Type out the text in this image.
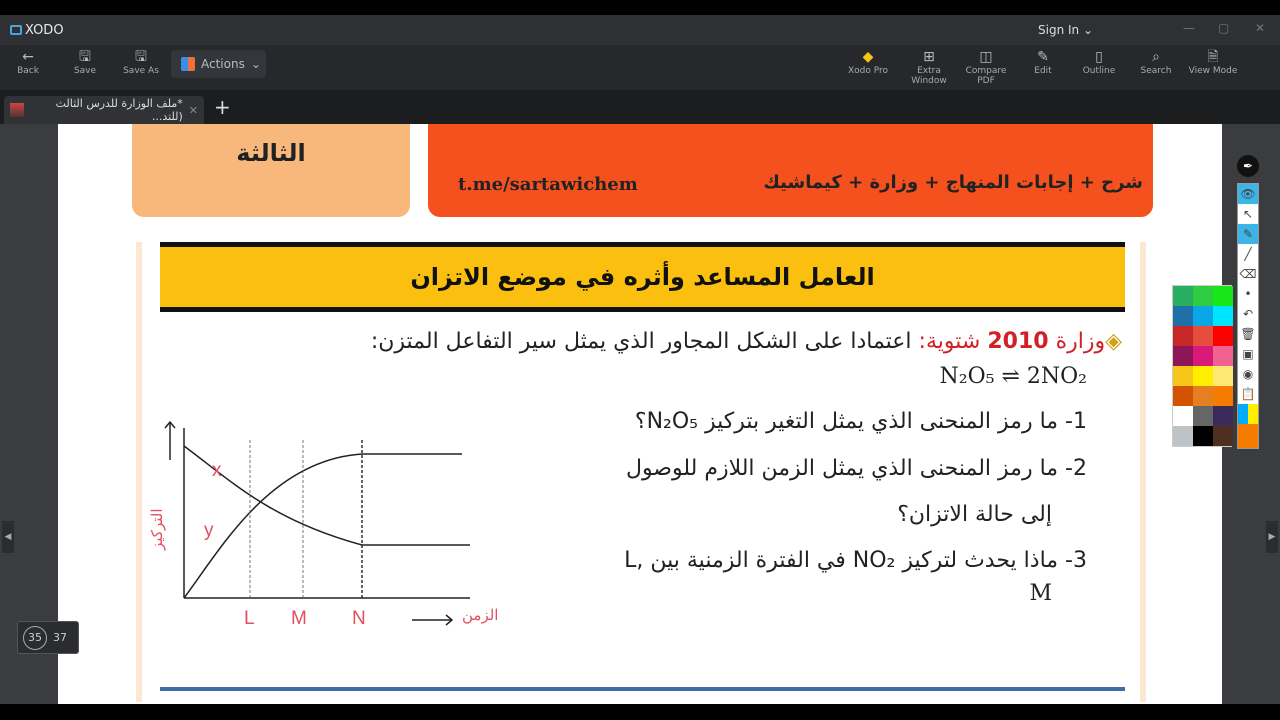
XODO	Sign In ⌄	— ▢ ✕
←
Back
🖫
Save
🖫
Save As	Actions ⌄	◆
Xodo Pro
⊞
Extra Window
◫
Compare PDF
✎
Edit
▯
Outline
⌕
Search
🗎
View Mode
*ملف الوزارة للدرس الثالث (للتد... ✕ +
◀	▶
الثالثة
t.me/sartawichem	شرح + إجابات المنهاج + وزارة + كيماشيك
العامل المساعد وأثره في موضع الاتزان
◈وزارة 2010 شتوية: اعتمادا على الشكل المجاور الذي يمثل سير التفاعل المتزن:
N₂O₅ ⇌ 2NO₂
1- ما رمز المنحنى الذي يمثل التغير بتركيز N₂O₅؟
2- ما رمز المنحنى الذي يمثل الزمن اللازم للوصول
إلى حالة الاتزان؟
3- ماذا يحدث لتركيز NO₂ في الفترة الزمنية بين ,L
M
x
y
L M N	الزمن
التركيز
35	37
✒
👁
↖
✎
╱
⌫
•
↶
🗑
▣
◉
📋
